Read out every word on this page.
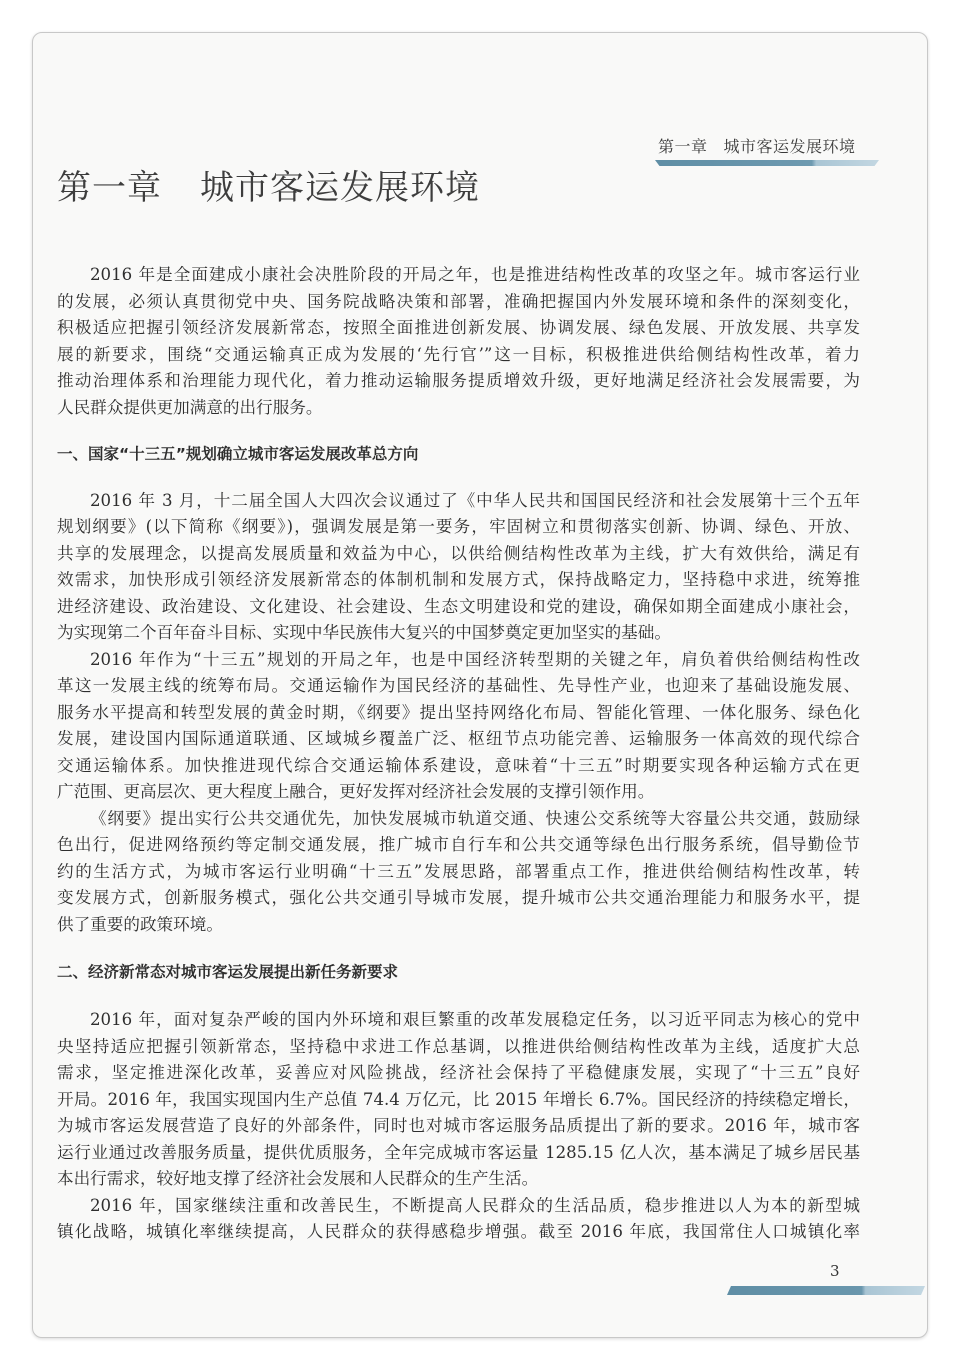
第一章 城市客运发展环境
第一章 城市客运发展环境
2016 年是全面建成小康社会决胜阶段的开局之年，也是推进结构性改革的攻坚之年。城市客运行业
的发展，必须认真贯彻党中央、国务院战略决策和部署，准确把握国内外发展环境和条件的深刻变化，
积极适应把握引领经济发展新常态，按照全面推进创新发展、协调发展、绿色发展、开放发展、共享发
展的新要求，围绕“交通运输真正成为发展的‘先行官’”这一目标，积极推进供给侧结构性改革，着力
推动治理体系和治理能力现代化，着力推动运输服务提质增效升级，更好地满足经济社会发展需要，为
人民群众提供更加满意的出行服务。
一、国家“十三五”规划确立城市客运发展改革总方向
2016 年 3 月，十二届全国人大四次会议通过了《中华人民共和国国民经济和社会发展第十三个五年
规划纲要》(以下简称《纲要》)，强调发展是第一要务，牢固树立和贯彻落实创新、协调、绿色、开放、
共享的发展理念，以提高发展质量和效益为中心，以供给侧结构性改革为主线，扩大有效供给，满足有
效需求，加快形成引领经济发展新常态的体制机制和发展方式，保持战略定力，坚持稳中求进，统筹推
进经济建设、政治建设、文化建设、社会建设、生态文明建设和党的建设，确保如期全面建成小康社会，
为实现第二个百年奋斗目标、实现中华民族伟大复兴的中国梦奠定更加坚实的基础。
2016 年作为“十三五”规划的开局之年，也是中国经济转型期的关键之年，肩负着供给侧结构性改
革这一发展主线的统筹布局。交通运输作为国民经济的基础性、先导性产业，也迎来了基础设施发展、
服务水平提高和转型发展的黄金时期，《纲要》提出坚持网络化布局、智能化管理、一体化服务、绿色化
发展，建设国内国际通道联通、区域城乡覆盖广泛、枢纽节点功能完善、运输服务一体高效的现代综合
交通运输体系。加快推进现代综合交通运输体系建设，意味着“十三五”时期要实现各种运输方式在更
广范围、更高层次、更大程度上融合，更好发挥对经济社会发展的支撑引领作用。
《纲要》提出实行公共交通优先，加快发展城市轨道交通、快速公交系统等大容量公共交通，鼓励绿
色出行，促进网络预约等定制交通发展，推广城市自行车和公共交通等绿色出行服务系统，倡导勤俭节
约的生活方式，为城市客运行业明确“十三五”发展思路，部署重点工作，推进供给侧结构性改革，转
变发展方式，创新服务模式，强化公共交通引导城市发展，提升城市公共交通治理能力和服务水平，提
供了重要的政策环境。
二、经济新常态对城市客运发展提出新任务新要求
2016 年，面对复杂严峻的国内外环境和艰巨繁重的改革发展稳定任务，以习近平同志为核心的党中
央坚持适应把握引领新常态，坚持稳中求进工作总基调，以推进供给侧结构性改革为主线，适度扩大总
需求，坚定推进深化改革，妥善应对风险挑战，经济社会保持了平稳健康发展，实现了“十三五”良好
开局。2016 年，我国实现国内生产总值 74.4 万亿元，比 2015 年增长 6.7%。国民经济的持续稳定增长，
为城市客运发展营造了良好的外部条件，同时也对城市客运服务品质提出了新的要求。2016 年，城市客
运行业通过改善服务质量，提供优质服务，全年完成城市客运量 1285.15 亿人次，基本满足了城乡居民基
本出行需求，较好地支撑了经济社会发展和人民群众的生产生活。
2016 年，国家继续注重和改善民生，不断提高人民群众的生活品质，稳步推进以人为本的新型城
镇化战略，城镇化率继续提高，人民群众的获得感稳步增强。截至 2016 年底，我国常住人口城镇化率
3
